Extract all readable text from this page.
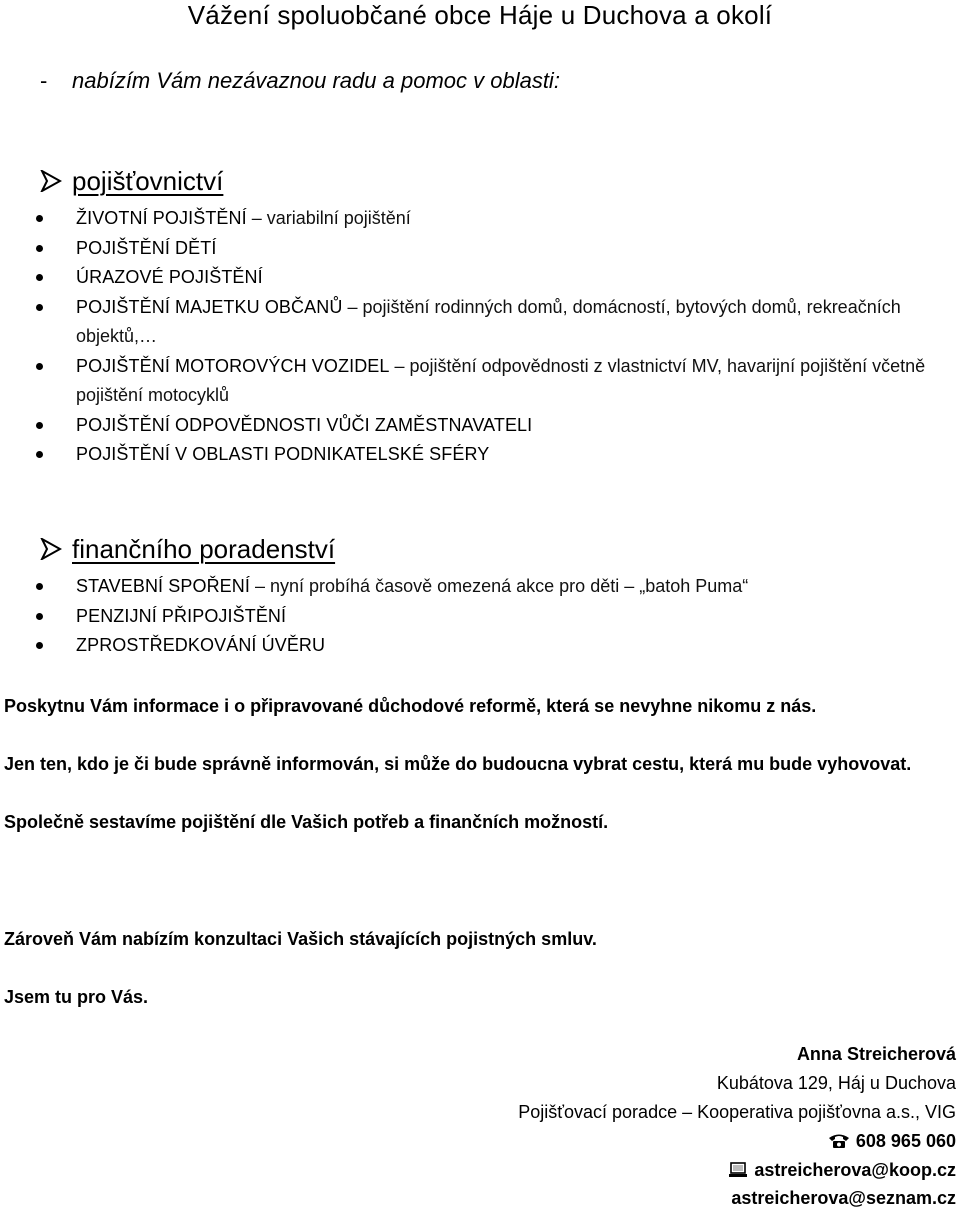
Vážení spoluobčané obce Háje u Duchova a okolí
- nabízím Vám nezávaznou radu a pomoc v oblasti:
pojišťovnictví
ŽIVOTNÍ POJIŠTĚNÍ – variabilní pojištění
POJIŠTĚNÍ DĚTÍ
ÚRAZOVÉ POJIŠTĚNÍ
POJIŠTĚNÍ MAJETKU OBČANŮ – pojištění rodinných domů, domácností, bytových domů, rekreačních objektů,…
POJIŠTĚNÍ MOTOROVÝCH VOZIDEL – pojištění odpovědnosti z vlastnictví MV, havarijní pojištění včetně pojištění motocyklů
POJIŠTĚNÍ ODPOVĚDNOSTI VŮČI ZAMĚSTNAVATELI
POJIŠTĚNÍ V OBLASTI PODNIKATELSKÉ SFÉRY
finančního poradenství
STAVEBNÍ SPOŘENÍ – nyní probíhá časově omezená akce pro děti – „batoh Puma“
PENZIJNÍ PŘIPOJIŠTĚNÍ
ZPROSTŘEDKOVÁNÍ ÚVĚRU

Poskytnu Vám informace i o připravované důchodové reformě, která se nevyhne nikomu z nás.

Jen ten, kdo je či bude správně informován, si může do budoucna vybrat cestu, která mu bude vyhovovat.

Společně sestavíme pojištění dle Vašich potřeb a finančních možností.

Zároveň Vám nabízím konzultaci Vašich stávajících pojistných smluv.

Jsem tu pro Vás.

Anna Streicherová
Kubátova 129, Háj u Duchova
Pojišťovací poradce – Kooperativa pojišťovna a.s., VIG
608 965 060
astreicherova@koop.cz
astreicherova@seznam.cz
